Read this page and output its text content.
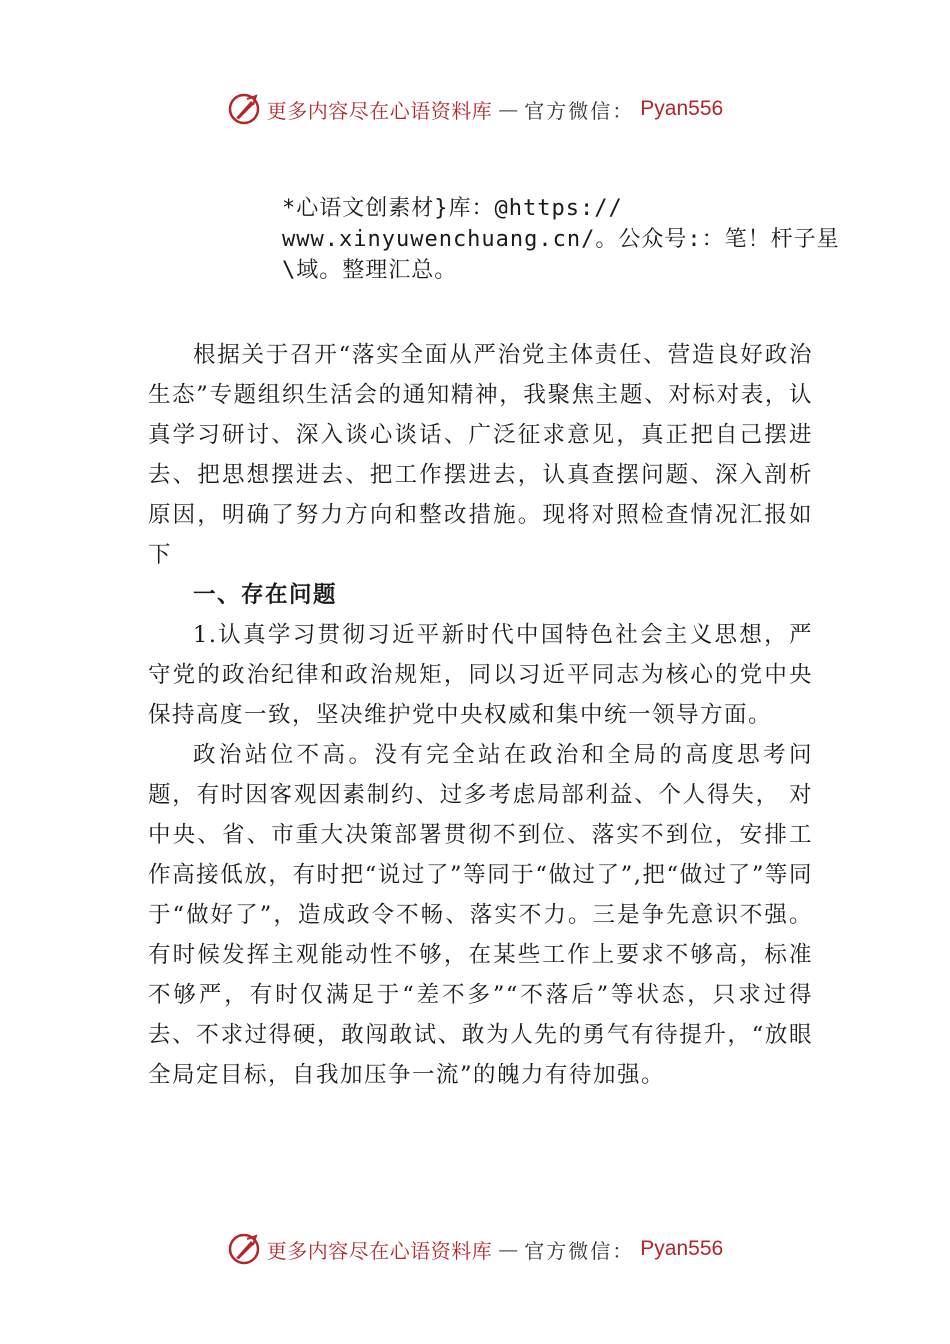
更多内容尽在心语资料库 — 官方微信： Pyan556
*心语文创素材}库：@https://
www.xinyuwenchuang.cn/。公众号:：笔！杆子星
\域。整理汇总。

根据关于召开“落实全面从严治党主体责任、营造良好政治生态”专题组织生活会的通知精神，我聚焦主题、对标对表，认真学习研讨、深入谈心谈话、广泛征求意见，真正把自己摆进去、把思想摆进去、把工作摆进去，认真查摆问题、深入剖析原因，明确了努力方向和整改措施。现将对照检查情况汇报如下

一、存在问题

1.认真学习贯彻习近平新时代中国特色社会主义思想，严守党的政治纪律和政治规矩，同以习近平同志为核心的党中央保持高度一致，坚决维护党中央权威和集中统一领导方面。

政治站位不高。没有完全站在政治和全局的高度思考问题，有时因客观因素制约、过多考虑局部利益、个人得失， 对中央、省、市重大决策部署贯彻不到位、落实不到位，安排工作高接低放，有时把“说过了”等同于“做过了”,把“做过了”等同于“做好了”，造成政令不畅、落实不力。三是争先意识不强。有时候发挥主观能动性不够，在某些工作上要求不够高，标准不够严，有时仅满足于“差不多”“不落后”等状态，只求过得去、不求过得硬，敢闯敢试、敢为人先的勇气有待提升，“放眼全局定目标，自我加压争一流”的魄力有待加强。

更多内容尽在心语资料库 — 官方微信： Pyan556
